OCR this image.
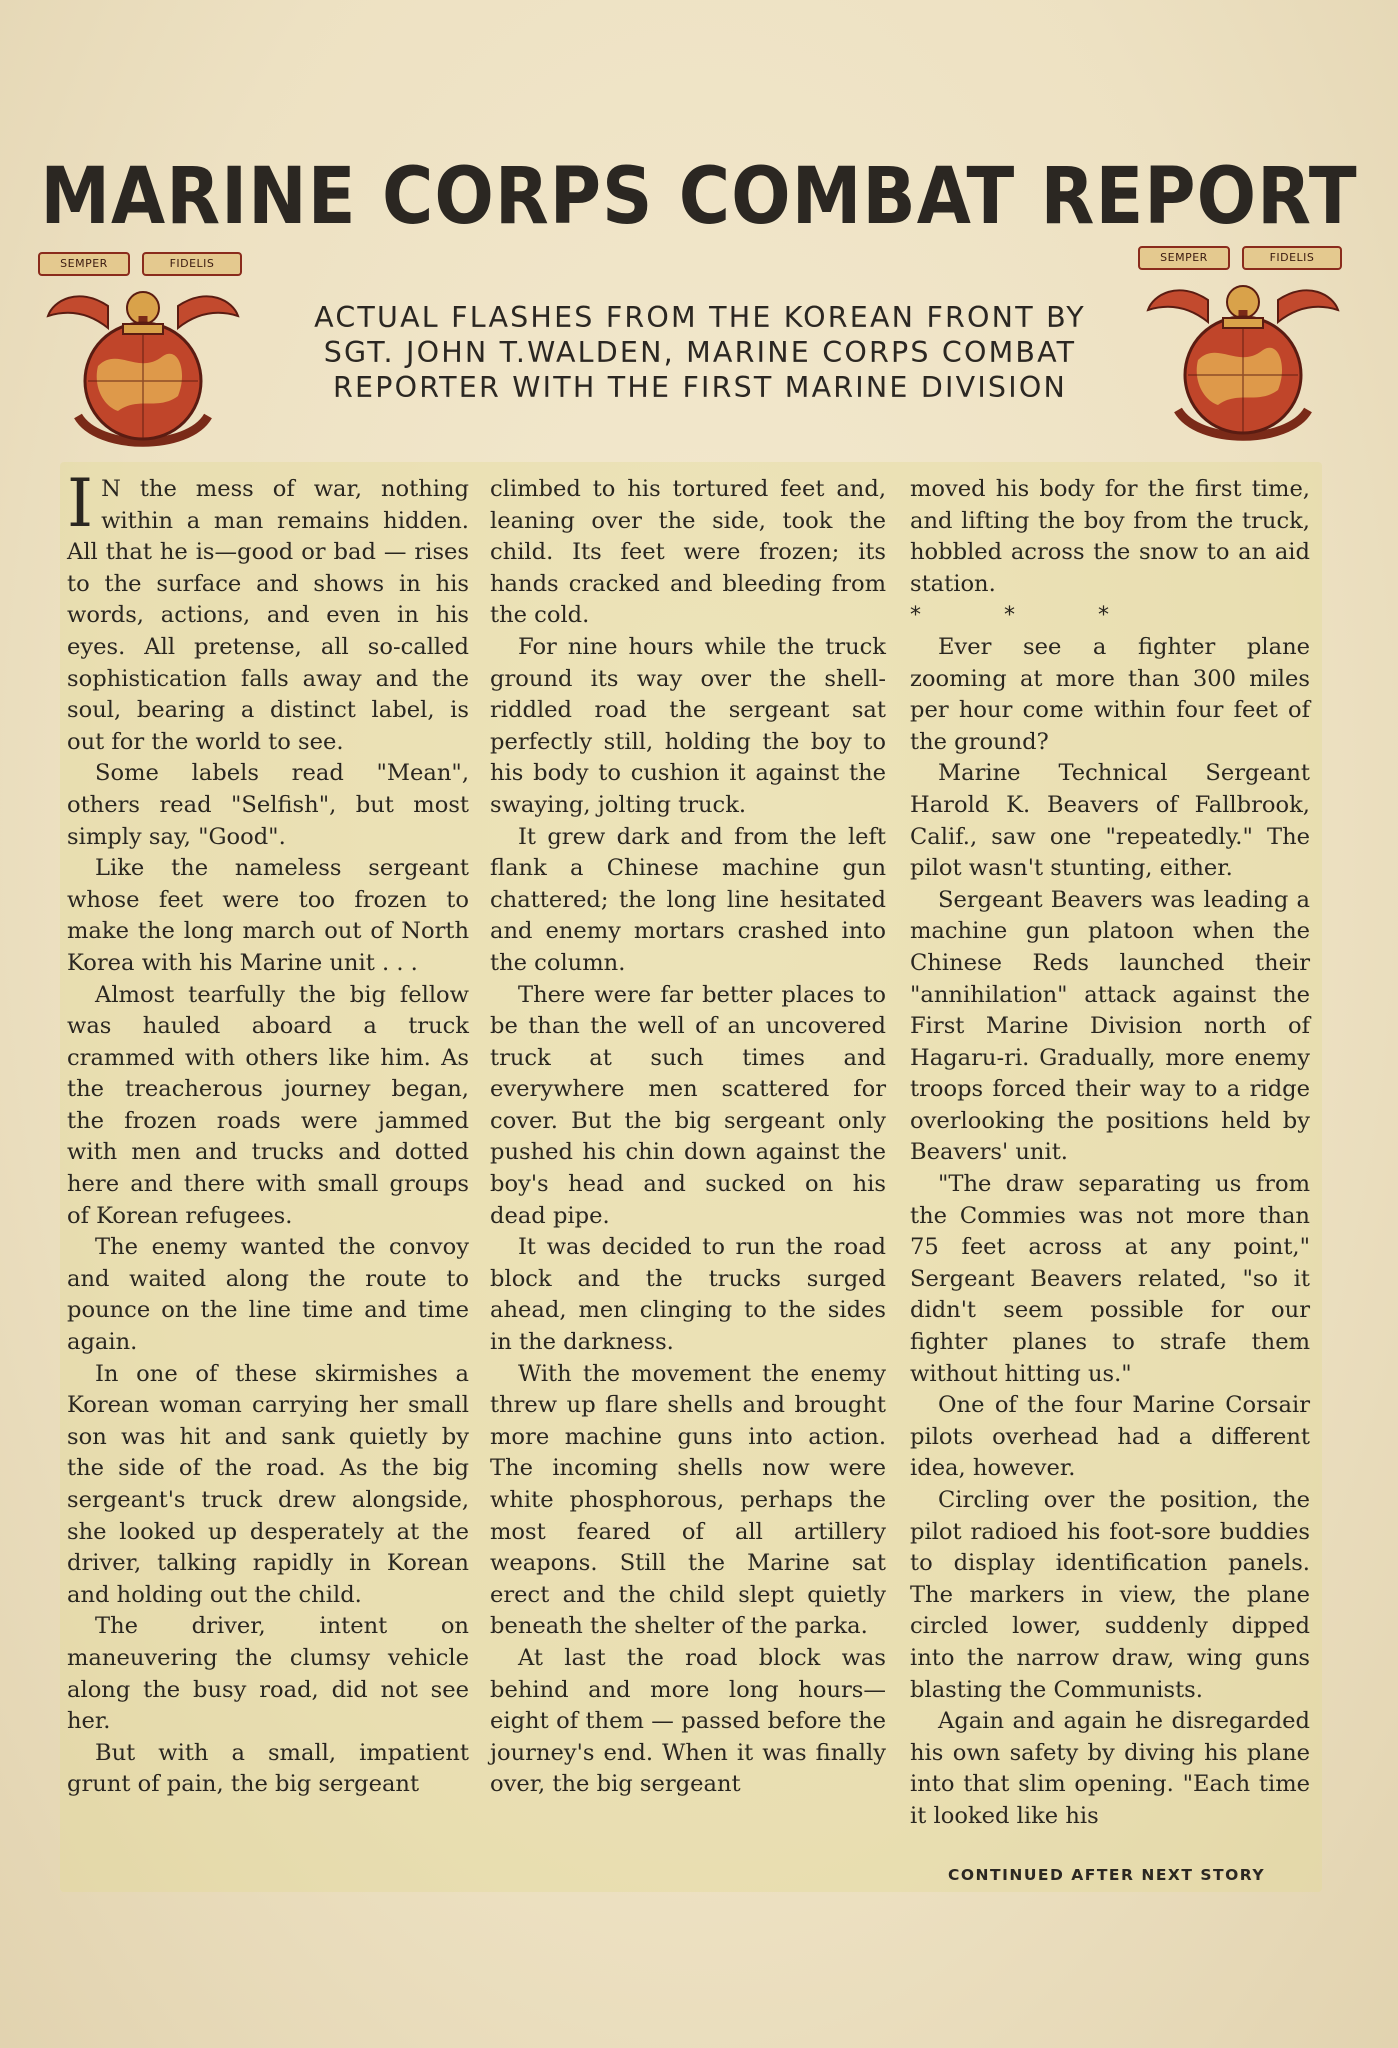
MARINE CORPS COMBAT REPORT
SEMPER	FIDELIS	SEMPER	FIDELIS
ACTUAL FLASHES FROM THE KOREAN FRONT BY
SGT. JOHN T.WALDEN, MARINE CORPS COMBAT
REPORTER WITH THE FIRST MARINE DIVISION

I N the mess of war, nothing within a man remains hidden. All that he is—good or bad — rises to the surface and shows in his words, actions, and even in his eyes. All pretense, all so-called sophistication falls away and the soul, bearing a distinct label, is out for the world to see.

Some labels read "Mean", others read "Selfish", but most simply say, "Good".

Like the nameless sergeant whose feet were too frozen to make the long march out of North Korea with his Marine unit . . .

Almost tearfully the big fellow was hauled aboard a truck crammed with others like him. As the treacherous journey began, the frozen roads were jammed with men and trucks and dotted here and there with small groups of Korean refugees.

The enemy wanted the convoy and waited along the route to pounce on the line time and time again.

In one of these skirmishes a Korean woman carrying her small son was hit and sank quietly by the side of the road. As the big sergeant's truck drew alongside, she looked up desperately at the driver, talking rapidly in Korean and holding out the child.

The driver, intent on maneuvering the clumsy vehicle along the busy road, did not see her.

But with a small, impatient grunt of pain, the big sergeant

climbed to his tortured feet and, leaning over the side, took the child. Its feet were frozen; its hands cracked and bleeding from the cold.

For nine hours while the truck ground its way over the shell-riddled road the sergeant sat perfectly still, holding the boy to his body to cushion it against the swaying, jolting truck.

It grew dark and from the left flank a Chinese machine gun chattered; the long line hesitated and enemy mortars crashed into the column.

There were far better places to be than the well of an uncovered truck at such times and everywhere men scattered for cover. But the big sergeant only pushed his chin down against the boy's head and sucked on his dead pipe.

It was decided to run the road block and the trucks surged ahead, men clinging to the sides in the darkness.

With the movement the enemy threw up flare shells and brought more machine guns into action. The incoming shells now were white phosphorous, perhaps the most feared of all artillery weapons. Still the Marine sat erect and the child slept quietly beneath the shelter of the parka.

At last the road block was behind and more long hours—eight of them — passed before the journey's end. When it was finally over, the big sergeant

moved his body for the first time, and lifting the boy from the truck, hobbled across the snow to an aid station.

* * *

Ever see a fighter plane zooming at more than 300 miles per hour come within four feet of the ground?

Marine Technical Sergeant Harold K. Beavers of Fallbrook, Calif., saw one "repeatedly." The pilot wasn't stunting, either.

Sergeant Beavers was leading a machine gun platoon when the Chinese Reds launched their "annihilation" attack against the First Marine Division north of Hagaru-ri. Gradually, more enemy troops forced their way to a ridge overlooking the positions held by Beavers' unit.

"The draw separating us from the Commies was not more than 75 feet across at any point," Sergeant Beavers related, "so it didn't seem possible for our fighter planes to strafe them without hitting us."

One of the four Marine Corsair pilots overhead had a different idea, however.

Circling over the position, the pilot radioed his foot-sore buddies to display identification panels. The markers in view, the plane circled lower, suddenly dipped into the narrow draw, wing guns blasting the Communists.

Again and again he disregarded his own safety by diving his plane into that slim opening. "Each time it looked like his

CONTINUED AFTER NEXT STORY
